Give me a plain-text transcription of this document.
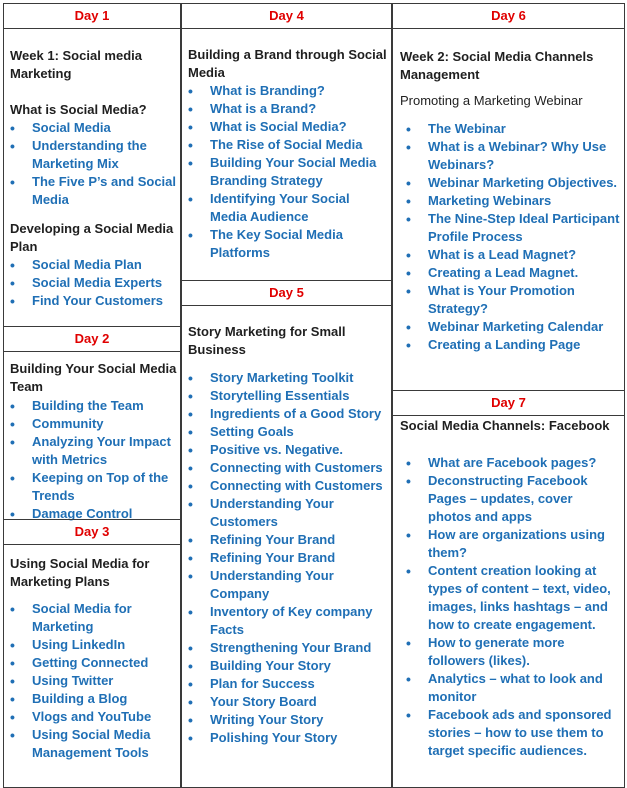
Day 1
Week 1: Social media Marketing
What is Social Media?
• Social Media
• Understanding the Marketing Mix
• The Five P’s and Social Media
Developing a Social Media Plan
• Social Media Plan
• Social Media Experts
• Find Your Customers
Day 2
Building Your Social Media Team
• Building the Team
• Community
• Analyzing Your Impact with Metrics
• Keeping on Top of the Trends
• Damage Control
Day 3
Using Social Media for Marketing Plans
• Social Media for Marketing
• Using LinkedIn
• Getting Connected
• Using Twitter
• Building a Blog
• Vlogs and YouTube
• Using Social Media Management Tools
Day 4
Building a Brand through Social Media
• What is Branding?
• What is a Brand?
• What is Social Media?
• The Rise of Social Media
• Building Your Social Media Branding Strategy
• Identifying Your Social Media Audience
• The Key Social Media Platforms
Day 5
Story Marketing for Small Business
• Story Marketing Toolkit
• Storytelling Essentials
• Ingredients of a Good Story
• Setting Goals
• Positive vs. Negative.
• Connecting with Customers
• Connecting with Customers
• Understanding Your Customers
• Refining Your Brand
• Refining Your Brand
• Understanding Your Company
• Inventory of Key company Facts
• Strengthening Your Brand
• Building Your Story
• Plan for Success
• Your Story Board
• Writing Your Story
• Polishing Your Story
Day 6
Week 2: Social Media Channels Management
Promoting a Marketing Webinar
• The Webinar
• What is a Webinar? Why Use Webinars?
• Webinar Marketing Objectives.
• Marketing Webinars
• The Nine-Step Ideal Participant Profile Process
• What is a Lead Magnet?
• Creating a Lead Magnet.
• What is Your Promotion Strategy?
• Webinar Marketing Calendar
• Creating a Landing Page
Day 7
Social Media Channels: Facebook
• What are Facebook pages?
• Deconstructing Facebook Pages – updates, cover photos and apps
• How are organizations using them?
• Content creation looking at types of content – text, video, images, links hashtags – and how to create engagement.
• How to generate more followers (likes).
• Analytics – what to look and monitor
• Facebook ads and sponsored stories – how to use them to target specific audiences.
